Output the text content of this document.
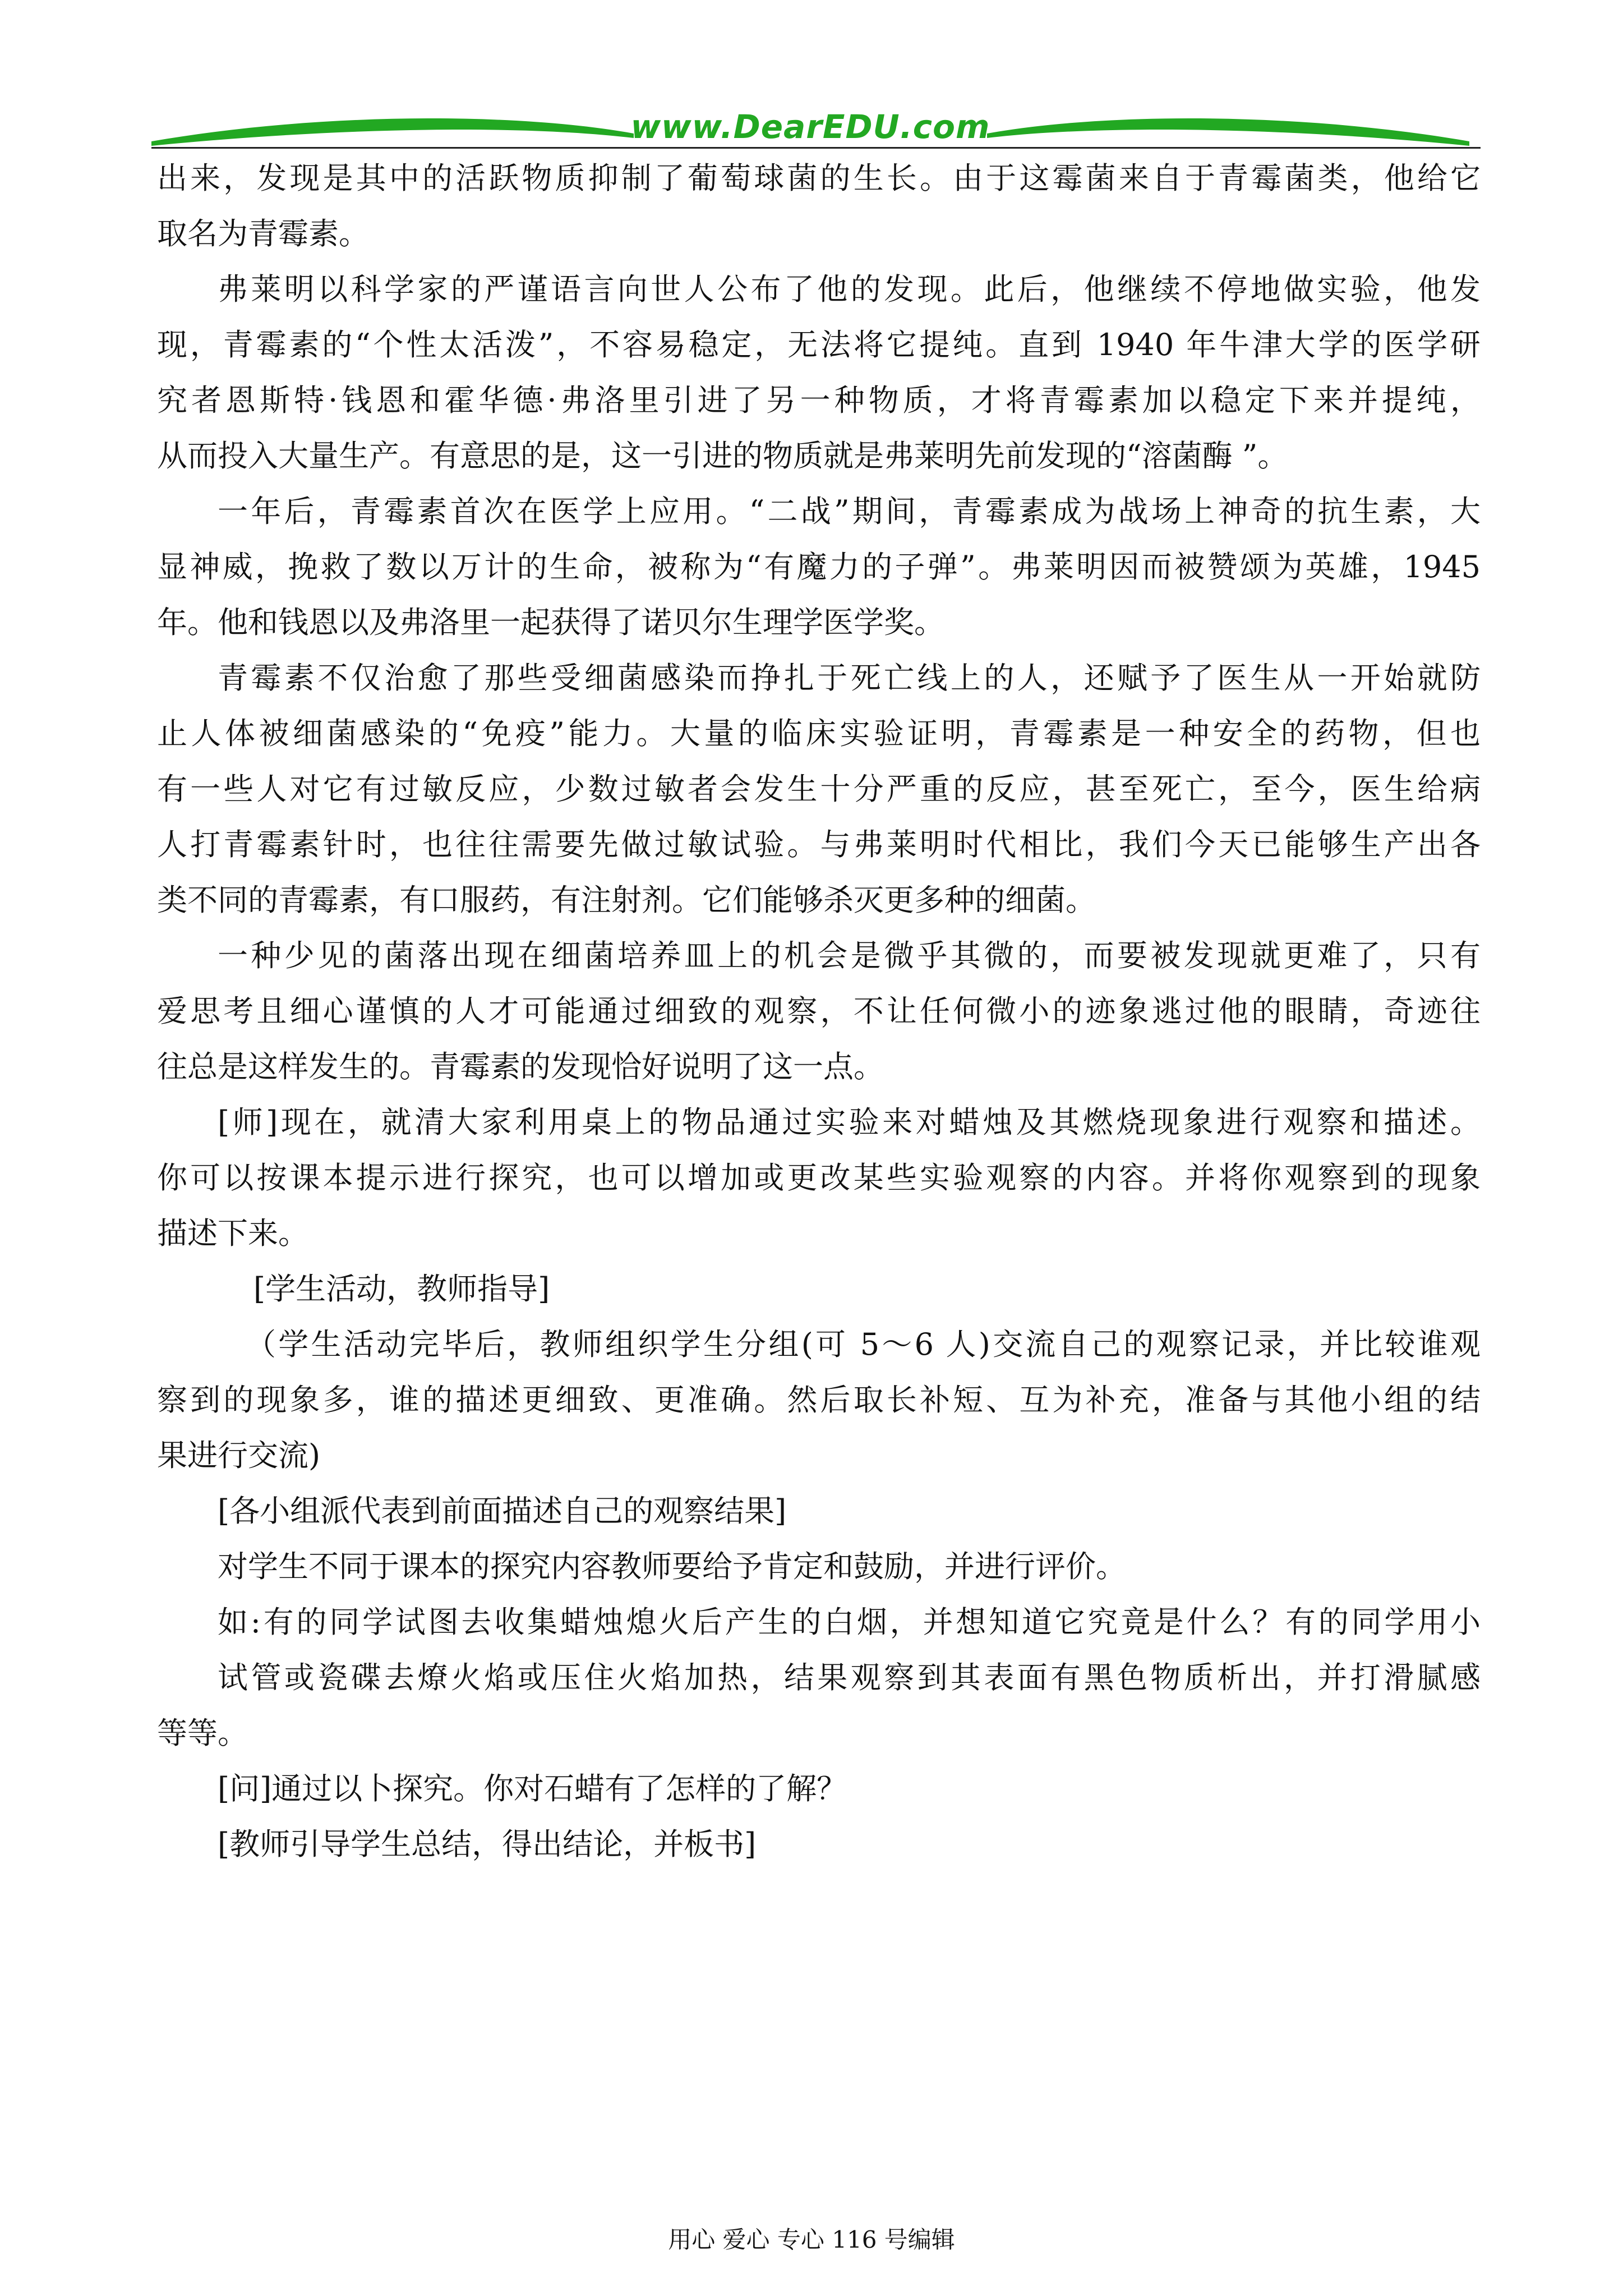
www.DearEDU.com
出来，发现是其中的活跃物质抑制了葡萄球菌的生长。由于这霉菌来自于青霉菌类，他给它
取名为青霉素。
弗莱明以科学家的严谨语言向世人公布了他的发现。此后，他继续不停地做实验，他发
现，青霉素的“个性太活泼”，不容易稳定，无法将它提纯。直到 1940 年牛津大学的医学研
究者恩斯特·钱恩和霍华德·弗洛里引进了另一种物质，才将青霉素加以稳定下来并提纯，
从而投入大量生产。有意思的是，这一引进的物质就是弗莱明先前发现的“溶菌酶 ”。
一年后，青霉素首次在医学上应用。“二战”期间，青霉素成为战场上神奇的抗生素，大
显神威，挽救了数以万计的生命，被称为“有魔力的子弹”。弗莱明因而被赞颂为英雄，1945
年。他和钱恩以及弗洛里一起获得了诺贝尔生理学医学奖。
青霉素不仅治愈了那些受细菌感染而挣扎于死亡线上的人，还赋予了医生从一开始就防
止人体被细菌感染的“免疫”能力。大量的临床实验证明，青霉素是一种安全的药物，但也
有一些人对它有过敏反应，少数过敏者会发生十分严重的反应，甚至死亡，至今，医生给病
人打青霉素针时，也往往需要先做过敏试验。与弗莱明时代相比，我们今天已能够生产出各
类不同的青霉素，有口服药，有注射剂。它们能够杀灭更多种的细菌。
一种少见的菌落出现在细菌培养皿上的机会是微乎其微的，而要被发现就更难了，只有
爱思考且细心谨慎的人才可能通过细致的观察，不让任何微小的迹象逃过他的眼睛，奇迹往
往总是这样发生的。青霉素的发现恰好说明了这一点。
[师]现在，就清大家利用桌上的物品通过实验来对蜡烛及其燃烧现象进行观察和描述。
你可以按课本提示进行探究，也可以增加或更改某些实验观察的内容。并将你观察到的现象
描述下来。
[学生活动，教师指导]
（学生活动完毕后，教师组织学生分组(可 5～6 人)交流自己的观察记录，并比较谁观
察到的现象多，谁的描述更细致、更准确。然后取长补短、互为补充，准备与其他小组的结
果进行交流)
[各小组派代表到前面描述自己的观察结果]
对学生不同于课本的探究内容教师要给予肯定和鼓励，并进行评价。
如:有的同学试图去收集蜡烛熄火后产生的白烟，并想知道它究竟是什么？有的同学用小
试管或瓷碟去燎火焰或压住火焰加热，结果观察到其表面有黑色物质析出，并打滑腻感
等等。
[问]通过以卜探究。你对石蜡有了怎样的了解？
[教师引导学生总结，得出结论，并板书]
用心 爱心 专心 116 号编辑
